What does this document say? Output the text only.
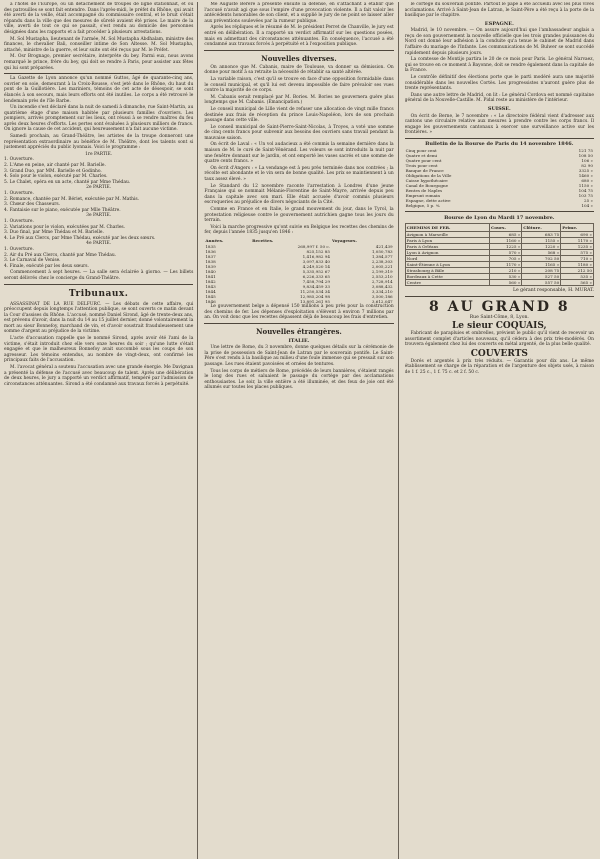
à l'hôtel de l'Europe, où un détachement de troupes de ligne stationnait, et où des patrouilles se sont fait entendre. Dans l'après-midi, le préfet du Rhône, qui avait été averti de la veille, était accompagné du commissaire central, et le bruit s'était répandu dans la ville que des mesures de sûreté avaient été prises. Le maire de la ville, averti de tout ce qui se passait, s'est rendu au domicile des personnes désignées dans les rapports et a fait procéder à plusieurs arrestations.

M. Sol Mustapha, lieutenant de l'armée, M. Sol Mustapha Abdhalam, ministre des finances, le chevalier Bali, conseiller intime de Son Altesse. M. Sol Mustapha, attaché, ministre de la guerre, et leur suite ont été reçus par M. le Préfet.

M. Osr Brognago, premier secrétaire, interprète du bey. Parmi eux, nous avons remarqué le prince, frère du bey, qui doit se rendre à Paris, pour assister aux fêtes qui lui sont préparées.

La Gazette de Lyon annonce qu'un nommé Guttos, âgé de quarante-cinq ans, ouvrier en soie, demeurant à la Croix-Rousse, s'est jeté dans le Rhône, du haut du pont de la Guillotière. Les mariniers, témoins de cet acte de désespoir, se sont élancés à son secours, mais leurs efforts ont été inutiles. Le corps a été retrouvé le lendemain près de l'île Barbe.

Un incendie s'est déclaré dans la nuit de samedi à dimanche, rue Saint-Martin, au quatrième étage d'une maison habitée par plusieurs familles d'ouvriers. Les pompiers, arrivés promptement sur les lieux, ont réussi à se rendre maîtres du feu après deux heures d'efforts. Les pertes sont évaluées à plusieurs milliers de francs. On ignore la cause de cet accident, qui heureusement n'a fait aucune victime.

Samedi prochain, au Grand-Théâtre, les artistes de la troupe donneront une représentation extraordinaire au bénéfice de M. Théâtre, dont les talents sont si justement appréciés du public lyonnais. Voici le programme :

1re PARTIE.
1. Ouverture.
2. L'Ame en peine, air chanté par M. Barielle.
3. Grand Duo, par MM. Barielle et Godinho.
4. Solo pour le violon, exécuté par M. Charles.
5. Le Chalet, opéra en un acte, chanté par Mme Thédau.
2e PARTIE.
1. Ouverture.
2. Romance, chantée par M. Bériet, exécutée par M. Mathis.
3. Chœur des Chasseurs.
4. Fantaisie sur le piano, exécutée par Mlle Théâtre.
3e PARTIE.
1. Ouverture.
2. Variations pour le violon, exécutées par M. Charles.
3. Duo final, par Mme Thédau et M. Barielle.
4. Le Pré aux Clercs, par Mme Thédau, exécuté par les deux sœurs.
4e PARTIE.
1. Ouverture.
2. Air du Pré aux Clercs, chanté par Mme Thédau.
3. Le Carnaval de Venise.
4. Finale, exécuté par les deux sœurs.

Commencement à sept heures. — La salle sera éclairée à giorno. — Les billets seront délivrés chez le concierge du Grand-Théâtre.

Tribunaux.

ASSASSINAT DE LA RUE DELFURC. — Les débats de cette affaire, qui préoccupent depuis longtemps l'attention publique, se sont ouverts ce matin devant la Cour d'assises du Rhône. L'accusé, nommé Daniel Sirond, âgé de trente-deux ans, est prévenu d'avoir, dans la nuit du 14 au 15 juillet dernier, donné volontairement la mort au sieur Bonnefoy, marchand de vin, et d'avoir soustrait frauduleusement une somme d'argent au préjudice de la victime.

L'acte d'accusation rappelle que le nommé Sirond, après avoir été l'ami de la victime, s'était introduit chez elle vers onze heures du soir ; qu'une lutte s'était engagée et que le malheureux Bonnefoy avait succombé sous les coups de son agresseur. Les témoins entendus, au nombre de vingt-deux, ont confirmé les principaux faits de l'accusation.

M. l'avocat général a soutenu l'accusation avec une grande énergie. Me Davignan a présenté la défense de l'accusé avec beaucoup de talent. Après une délibération de deux heures, le jury a rapporté un verdict affirmatif, tempéré par l'admission de circonstances atténuantes. Sirond a été condamné aux travaux forcés à perpétuité.

Me Auguste Bérère a présenté ensuite la défense, en s'attachant à établir que l'accusé n'avait agi que sous l'empire d'une provocation violente. Il a fait valoir les antécédents honorables de son client, et a supplié le jury de ne point se laisser aller aux préventions soulevées par la rumeur publique.

Après les répliques et le résumé de M. le président Perret de Chanville, le jury est entré en délibération. Il a rapporté un verdict affirmatif sur les questions posées, mais en admettant des circonstances atténuantes. En conséquence, l'accusé a été condamné aux travaux forcés à perpétuité et à l'exposition publique.

Nouvelles diverses.

On annonce que M. Cabanis, maire de Toulouse, va donner sa démission. On donne pour motif à sa retraite la nécessité de rétablir sa santé altérée.

La variable raison, c'est qu'il se trouve en face d'une opposition formidable dans le conseil municipal, et qu'il lui est devenu impossible de faire prévaloir ses vues contre la majorité de ce corps.

M. Cabanis serait remplacé par M. Bories. M. Bories ne gouvernera guère plus longtemps que M. Cabanis. (Émancipation.)

Le conseil municipal de Lille vient de refuser une allocation de vingt mille francs destinée aux frais de réception du prince Louis-Napoléon, lors de son prochain passage dans cette ville.

Le conseil municipal de Saint-Pierre-Saint-Nicolas, à Troyes, a voté une somme de cinq cents francs pour subvenir aux besoins des ouvriers sans travail pendant la mauvaise saison.

On écrit de Laval : « Un vol audacieux a été commis la semaine dernière dans la maison de M. le curé de Saint-Vénérand. Les voleurs se sont introduits la nuit par une fenêtre donnant sur le jardin, et ont emporté les vases sacrés et une somme de quatre cents francs. »

On écrit d'Angers : « La vendange est à peu près terminée dans nos contrées ; la récolte est abondante et le vin sera de bonne qualité. Les prix se maintiennent à un taux assez élevé. »

Le Standard du 12 novembre raconte l'arrestation à Londres d'une jeune Française qui se nommait Mélanie-Florentine de Saint-Mayre, arrivée depuis peu dans la capitale avec son mari. Elle était accusée d'avoir commis plusieurs escroqueries au préjudice de divers négociants de la Cité.

Comme en France et en Italie, le grand mouvement du jour, dans le Tyrol, la protestation religieuse contre le gouvernement autrichien gagne tous les jours du terrain.

Voici la marche progressive qu'ont suivie en Belgique les recettes des chemins de fer, depuis l'année 1835 jusqu'en 1846 :

Années.	Recettes.	Voyageurs.
1835	268,997 f. 50 c.	421,439
1836	825,152 85	1,050,783
1837	1,416,982 94	1,384,577
1838	3,097,833 40	2,238,303
1839	4,249,520 14	2,005,221
1840	5,335,952 67	2,199,319
1841	6,226,333 65	2,553,210
1842	7,458,794 29	2,728,914
1843	9,834,459 33	3,088,432
1844	11,250,534 34	3,334,210
1845	12,985,204 98	3,500,186
1846	13,891,261 95	3,612,047

Le gouvernement belge a dépensé 150 millions à peu près pour la construction des chemins de fer. Les dépenses d'exploitation s'élèvent à environ 7 millions par an. On voit donc que les recettes dépassent déjà de beaucoup les frais d'entretien.

Nouvelles étrangères.
ITALIE.

Une lettre de Rome, du 3 novembre, donne quelques détails sur la cérémonie de la prise de possession de Saint-Jean de Latran par le souverain pontife. Le Saint-Père s'est rendu à la basilique au milieu d'une foule immense qui se pressait sur son passage. Les rues étaient pavoisées et ornées de tentures.

Tous les corps de métiers de Rome, précédés de leurs bannières, s'étaient rangés le long des rues et saluaient le passage du cortège par des acclamations enthousiastes. Le soir, la ville entière a été illuminée, et des feux de joie ont été allumés sur toutes les places publiques.

le cortège du souverain pontife. Partout le pape a été accueilli avec les plus vives acclamations. Arrivé à Saint-Jean de Latran, le Saint-Père a été reçu à la porte de la basilique par le chapitre.

ESPAGNE.

Madrid, le 10 novembre. — On assure aujourd'hui que l'ambassadeur anglais a reçu de son gouvernement la nouvelle officielle que les trois grandes puissances du Nord ont donné leur adhésion à la conduite qu'a tenue le cabinet de Madrid dans l'affaire du mariage de l'Infante. Les communications de M. Bulwer se sont succédé rapidement depuis plusieurs jours.

La comtesse de Montijo partira le 20 de ce mois pour Paris. Le général Narvaez, qui se trouve en ce moment à Bayonne, doit se rendre également dans la capitale de la France.

Le contrôle définitif des élections porte que le parti modéré aura une majorité considérable dans les nouvelles Cortès. Les progressistes n'auront guère plus de trente représentants.

Dans une autre lettre de Madrid, on lit : Le général Cordova est nommé capitaine général de la Nouvelle-Castille. M. Pidal reste au ministère de l'intérieur.

SUISSE.

On écrit de Berne, le 7 novembre : « Le directoire fédéral vient d'adresser aux cantons une circulaire relative aux mesures à prendre contre les corps francs. Il engage les gouvernements cantonaux à exercer une surveillance active sur les frontières. »

Bulletin de la Bourse de Paris du 14 novembre 1846.
Cinq pour cent	121 75
Quatre et demi	108 50
Quatre pour cent	106 »
Trois pour cent	82 90
Banque de France	3325 »
Obligations de la Ville	1460 »
Caisse hypothécaire	680 »
Canal de Bourgogne	1150 »
Rentes de Naples	104 75
Emprunt romain	103 75
Espagne, dette active	25 »
Belgique, 5 p. %	104 »
Bourse de Lyon du Mardi 17 novembre.
CHEMINS DE FER.	Cours.	Clôture.	Prime.
Avignon à Marseille	685 »	683 75	690 »
Paris à Lyon	1160 »	1155 »	1170 »
Paris à Orléans	1225 »	1220 »	1235 »
Lyon à Avignon	570 »	568 »	575 »
Nord	705 »	702 50	710 »
Saint-Étienne à Lyon	1170 »	1165 »	1180 »
Strasbourg à Bâle	210 »	208 75	212 50
Bordeaux à Cette	530 »	527 50	535 »
Centre	560 »	557 50	565 »
Le gérant responsable, H. MURAT.
8 AU GRAND 8
Rue Saint-Côme, 8, Lyon.
Le sieur COQUAIS,

Fabricant de parapluies et ombrelles, prévient le public qu'il vient de recevoir un assortiment complet d'articles nouveaux, qu'il cédera à des prix très-modérés. On trouvera également chez lui des couverts en métal argenté, de la plus belle qualité.

COUVERTS

Dorés et argentés à prix très réduits. — Garantis pour dix ans. Le même établissement se charge de la réparation et de l'argenture des objets usés, à raison de 1 f. 25 c., 1 f. 75 c. et 2 f. 50 c.
